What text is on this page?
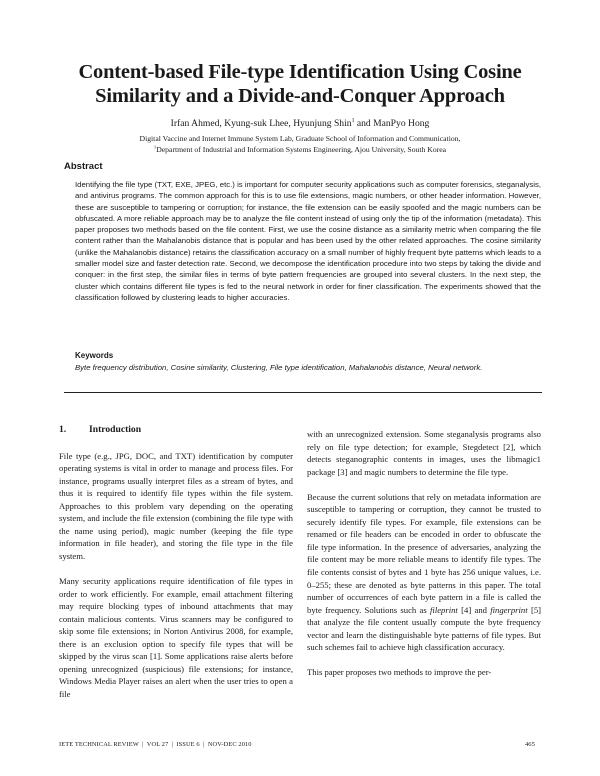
Content-based File-type Identification Using Cosine Similarity and a Divide-and-Conquer Approach
Irfan Ahmed, Kyung-suk Lhee, Hyunjung Shin$^1$ and ManPyo Hong
Digital Vaccine and Internet Immune System Lab, Graduate School of Information and Communication,
$^1$Department of Industrial and Information Systems Engineering, Ajou University, South Korea
Abstract
Identifying the file type (TXT, EXE, JPEG, etc.) is important for computer security applications such as computer forensics, steganalysis, and antivirus programs. The common approach for this is to use file extensions, magic numbers, or other header information. However, these are susceptible to tampering or corruption; for instance, the file extension can be easily spoofed and the magic numbers can be obfuscated. A more reliable approach may be to analyze the file content instead of using only the tip of the information (metadata). This paper proposes two methods based on the file content. First, we use the cosine distance as a similarity metric when comparing the file content rather than the Mahalanobis distance that is popular and has been used by the other related approaches. The cosine similarity (unlike the Mahalanobis distance) retains the classification accuracy on a small number of highly frequent byte patterns which leads to a smaller model size and faster detection rate. Second, we decompose the identification procedure into two steps by taking the divide and conquer: in the first step, the similar files in terms of byte pattern frequencies are grouped into several clusters. In the next step, the cluster which contains different file types is fed to the neural network in order for finer classification. The experiments showed that the classification followed by clustering leads to higher accuracies.
Keywords
Byte frequency distribution, Cosine similarity, Clustering, File type identification, Mahalanobis distance, Neural network.
1. Introduction

File type (e.g., JPG, DOC, and TXT) identification by computer operating systems is vital in order to manage and process files. For instance, programs usually interpret files as a stream of bytes, and thus it is required to identify file types within the file system. Approaches to this problem vary depending on the operating system, and include the file extension (combining the file type with the name using period), magic number (keeping the file type information in file header), and storing the file type in the file system.

Many security applications require identification of file types in order to work efficiently. For example, email attachment filtering may require blocking types of inbound attachments that may contain malicious contents. Virus scanners may be configured to skip some file extensions; in Norton Antivirus 2008, for example, there is an exclusion option to specify file types that will be skipped by the virus scan [1]. Some applications raise alerts before opening unrecognized (suspicious) file extensions; for instance, Windows Media Player raises an alert when the user tries to open a file

with an unrecognized extension. Some steganalysis programs also rely on file type detection; for example, Stegdetect [2], which detects steganographic contents in images, uses the libmagic1 package [3] and magic numbers to determine the file type.

Because the current solutions that rely on metadata information are susceptible to tampering or corruption, they cannot be trusted to securely identify file types. For example, file extensions can be renamed or file headers can be encoded in order to obfuscate the file type information. In the presence of adversaries, analyzing the file content may be more reliable means to identify file types. The file contents consist of bytes and 1 byte has 256 unique values, i.e. 0–255; these are denoted as byte patterns in this paper. The total number of occurrences of each byte pattern in a file is called the byte frequency. Solutions such as fileprint [4] and fingerprint [5] that analyze the file content usually compute the byte frequency vector and learn the distinguishable byte patterns of file types. But such schemes fail to achieve high classification accuracy.

This paper proposes two methods to improve the per-

IETE TECHNICAL REVIEW  |  VOL 27  |  ISSUE 6  |  NOV-DEC 2010	465
